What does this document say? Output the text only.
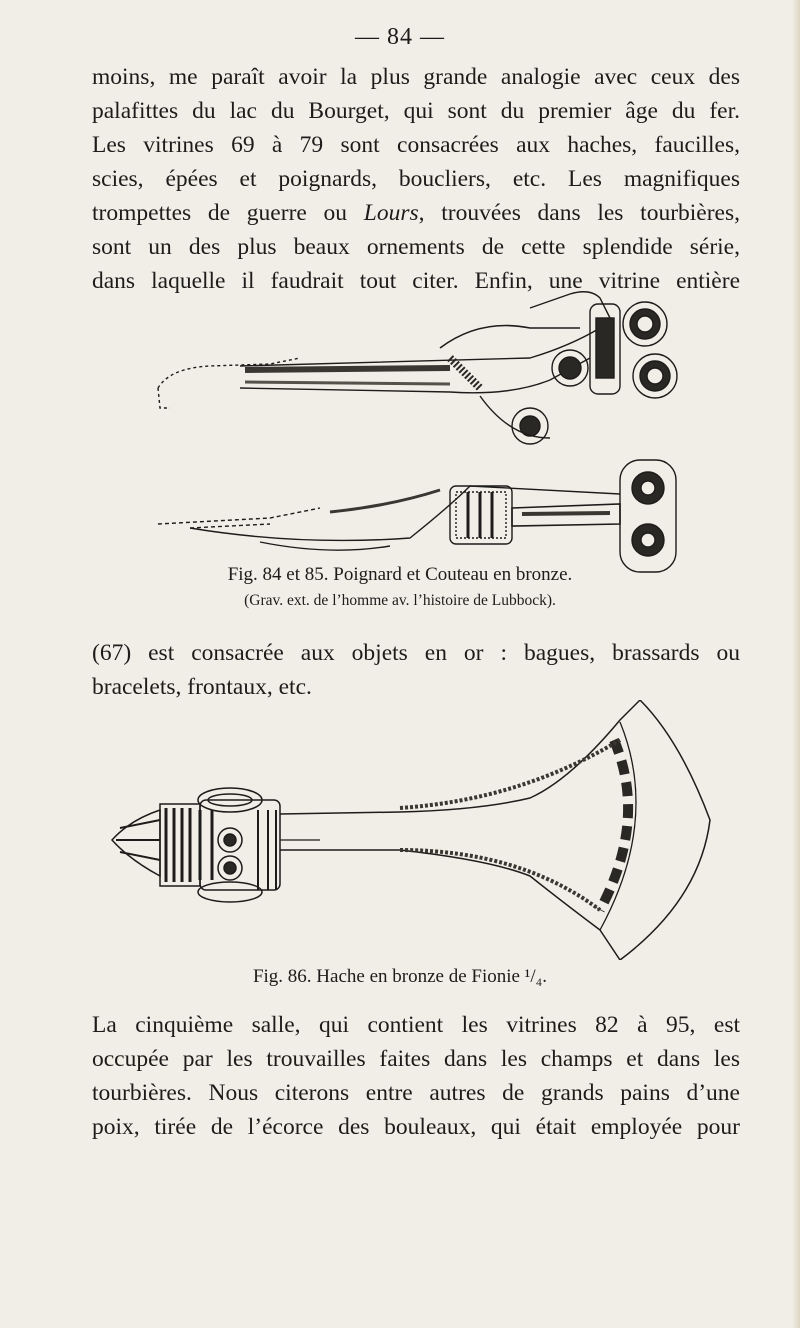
— 84 —
moins, me paraît avoir la plus grande analogie avec ceux des
palafittes du lac du Bourget, qui sont du premier âge du fer.
Les vitrines 69 à 79 sont consacrées aux haches, faucilles,
scies, épées et poignards, boucliers, etc. Les magnifiques
trompettes de guerre ou Lours, trouvées dans les tourbières,
sont un des plus beaux ornements de cette splendide série,
dans laquelle il faudrait tout citer. Enfin, une vitrine entière
Fig. 84 et 85. Poignard et Couteau en bronze.
(Grav. ext. de l’homme av. l’histoire de Lubbock).
(67) est consacrée aux objets en or : bagues, brassards ou
bracelets, frontaux, etc.
Fig. 86. Hache en bronze de Fionie ¹/₄.
La cinquième salle, qui contient les vitrines 82 à 95, est
occupée par les trouvailles faites dans les champs et dans les
tourbières. Nous citerons entre autres de grands pains d’une
poix, tirée de l’écorce des bouleaux, qui était employée pour
